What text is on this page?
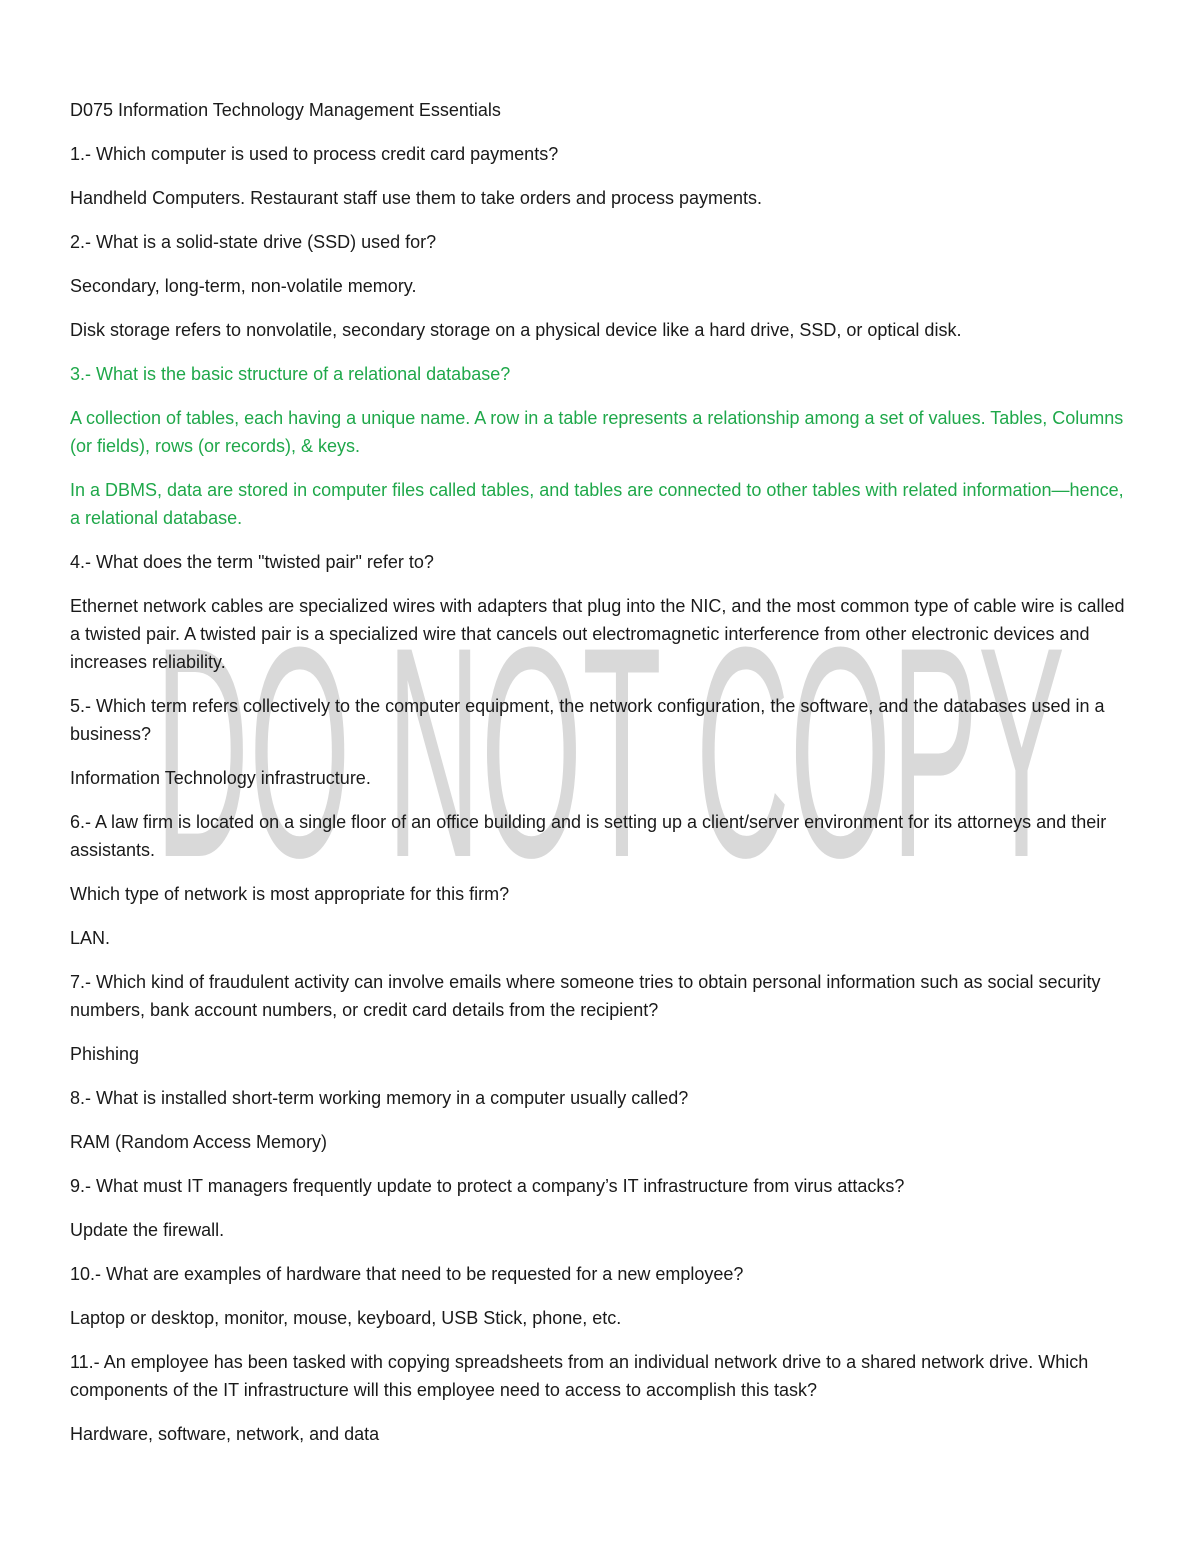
DO NOT COPY

D075 Information Technology Management Essentials

1.- Which computer is used to process credit card payments?

Handheld Computers. Restaurant staff use them to take orders and process payments.

2.- What is a solid-state drive (SSD) used for?

Secondary, long-term, non-volatile memory.

Disk storage refers to nonvolatile, secondary storage on a physical device like a hard drive, SSD, or optical disk.

3.- What is the basic structure of a relational database?

A collection of tables, each having a unique name. A row in a table represents a relationship among a set of values. Tables, Columns (or fields), rows (or records), & keys.

In a DBMS, data are stored in computer files called tables, and tables are connected to other tables with related information—hence, a relational database.

4.- What does the term "twisted pair" refer to?

Ethernet network cables are specialized wires with adapters that plug into the NIC, and the most common type of cable wire is called a twisted pair. A twisted pair is a specialized wire that cancels out electromagnetic interference from other electronic devices and increases reliability.

5.- Which term refers collectively to the computer equipment, the network configuration, the software, and the databases used in a business?

Information Technology infrastructure.

6.- A law firm is located on a single floor of an office building and is setting up a client/server environment for its attorneys and their assistants.

Which type of network is most appropriate for this firm?

LAN.

7.- Which kind of fraudulent activity can involve emails where someone tries to obtain personal information such as social security numbers, bank account numbers, or credit card details from the recipient?

Phishing

8.- What is installed short-term working memory in a computer usually called?

RAM (Random Access Memory)

9.- What must IT managers frequently update to protect a company’s IT infrastructure from virus attacks?

Update the firewall.

10.- What are examples of hardware that need to be requested for a new employee?

Laptop or desktop, monitor, mouse, keyboard, USB Stick, phone, etc.

11.- An employee has been tasked with copying spreadsheets from an individual network drive to a shared network drive. Which components of the IT infrastructure will this employee need to access to accomplish this task?

Hardware, software, network, and data
